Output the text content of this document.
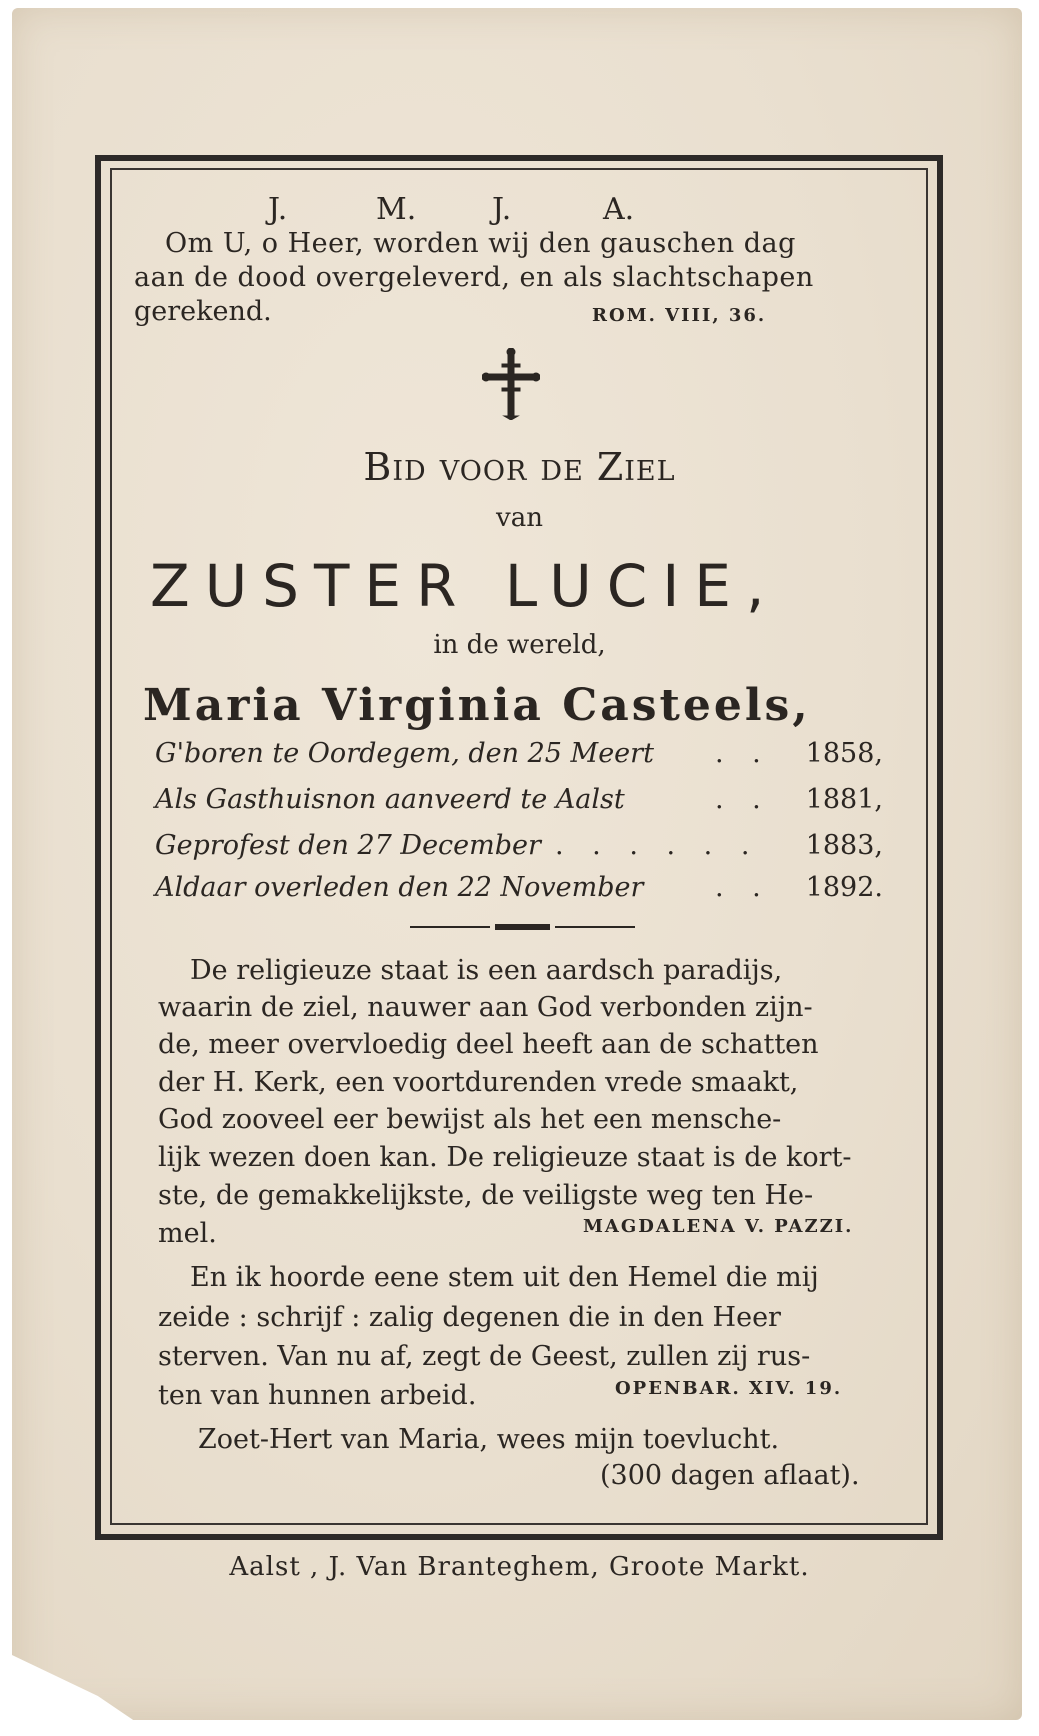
J.	M.	J.	A.
Om U, o Heer, worden wij den gauschen dag
aan de dood overgeleverd, en als slachtschapen
gerekend.	ROM. VIII, 36.
Bid voor de Ziel
van
ZUSTER LUCIE,
in de wereld,
Maria Virginia Casteels,
G'boren te Oordegem, den 25 Meert . . 1858,
Als Gasthuisnon aanveerd te Aalst	. . 1881,
Geprofest den 27 December . . . . . . 1883,
Aldaar overleden den 22 November	. . 1892.
De religieuze staat is een aardsch paradijs,
waarin de ziel, nauwer aan God verbonden zijn-
de, meer overvloedig deel heeft aan de schatten
der H. Kerk, een voortdurenden vrede smaakt,
God zooveel eer bewijst als het een mensche-
lijk wezen doen kan. De religieuze staat is de kort-
ste, de gemakkelijkste, de veiligste weg ten He-
mel.	MAGDALENA V. PAZZI.
En ik hoorde eene stem uit den Hemel die mij
zeide : schrijf : zalig degenen die in den Heer
sterven. Van nu af, zegt de Geest, zullen zij rus-
ten van hunnen arbeid.	OPENBAR. XIV. 19.
Zoet-Hert van Maria, wees mijn toevlucht.
(300 dagen aflaat).
Aalst , J. Van Branteghem, Groote Markt.
